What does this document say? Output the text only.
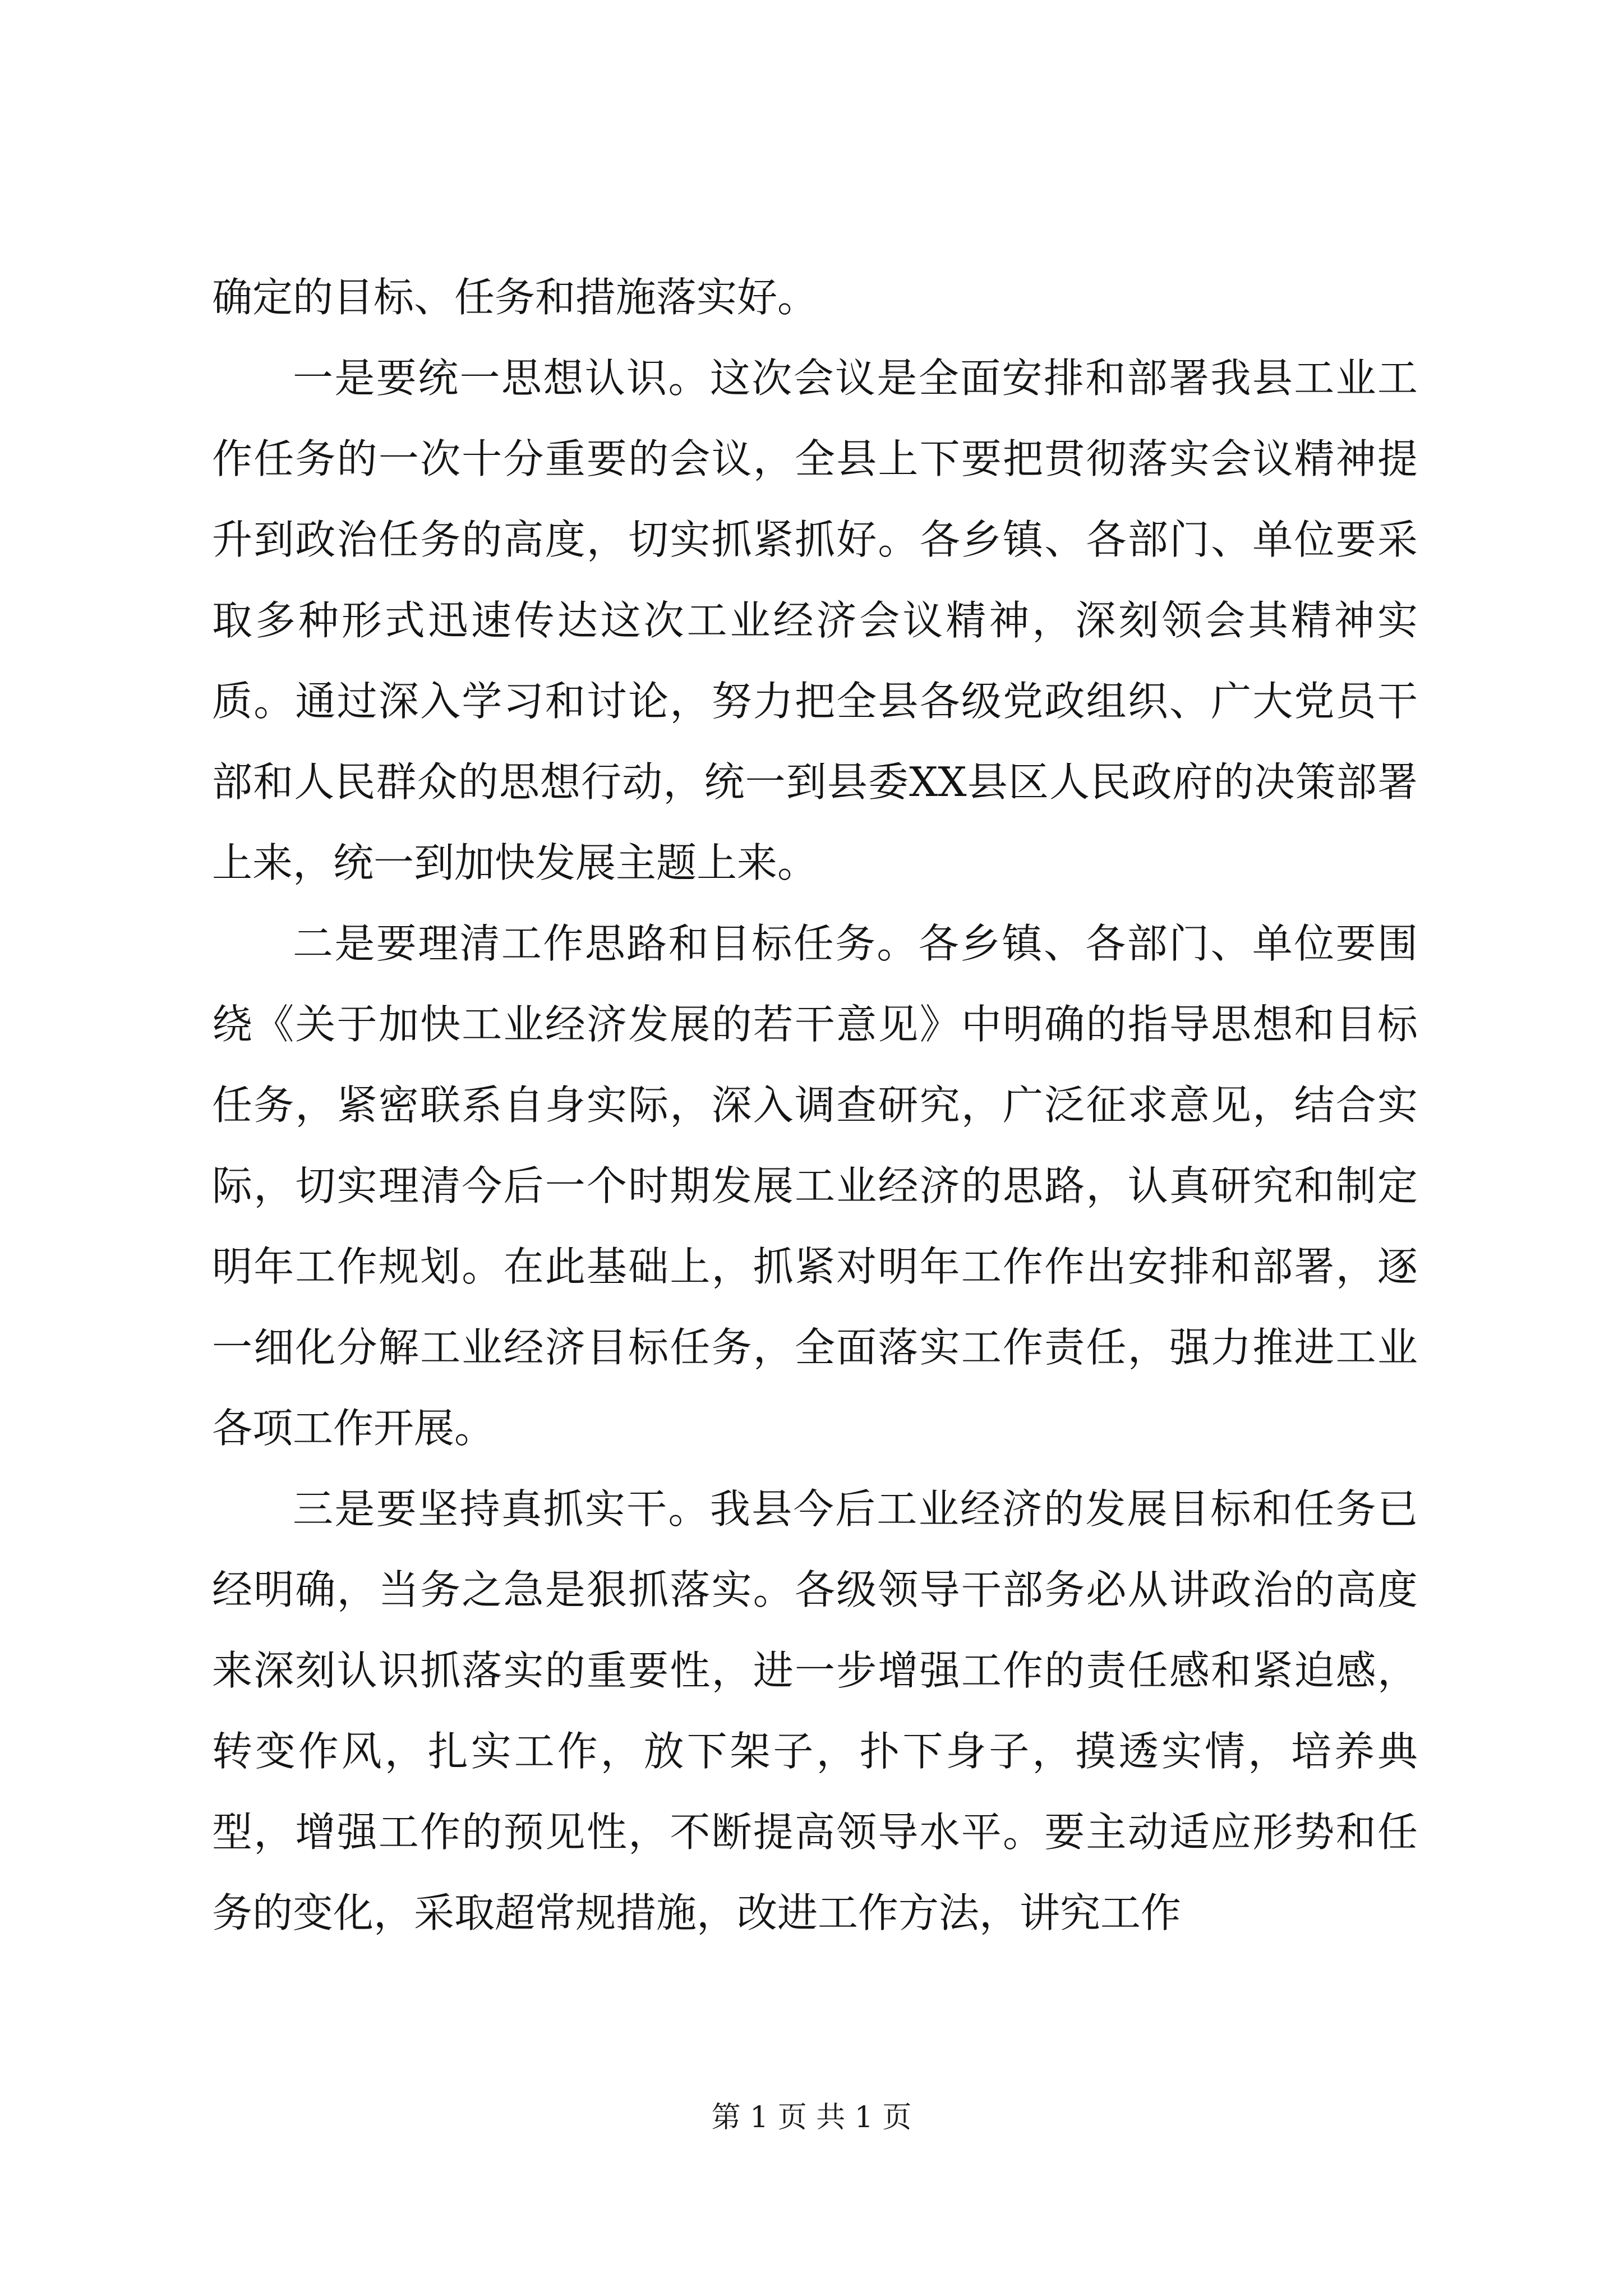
确定的目标、任务和措施落实好。

一是要统一思想认识。这次会议是全面安排和部署我县工业工作任务的一次十分重要的会议，全县上下要把贯彻落实会议精神提升到政治任务的高度，切实抓紧抓好。各乡镇、各部门、单位要采取多种形式迅速传达这次工业经济会议精神，深刻领会其精神实质。通过深入学习和讨论，努力把全县各级党政组织、广大党员干部和人民群众的思想行动，统一到县委XX县区人民政府的决策部署上来，统一到加快发展主题上来。

二是要理清工作思路和目标任务。各乡镇、各部门、单位要围绕《关于加快工业经济发展的若干意见》中明确的指导思想和目标任务，紧密联系自身实际，深入调查研究，广泛征求意见，结合实际，切实理清今后一个时期发展工业经济的思路，认真研究和制定明年工作规划。在此基础上，抓紧对明年工作作出安排和部署，逐一细化分解工业经济目标任务，全面落实工作责任，强力推进工业各项工作开展。

三是要坚持真抓实干。我县今后工业经济的发展目标和任务已经明确，当务之急是狠抓落实。各级领导干部务必从讲政治的高度来深刻认识抓落实的重要性，进一步增强工作的责任感和紧迫感，转变作风，扎实工作，放下架子，扑下身子，摸透实情，培养典型，增强工作的预见性，不断提高领导水平。要主动适应形势和任务的变化，采取超常规措施，改进工作方法，讲究工作

第 1 页 共 1 页
